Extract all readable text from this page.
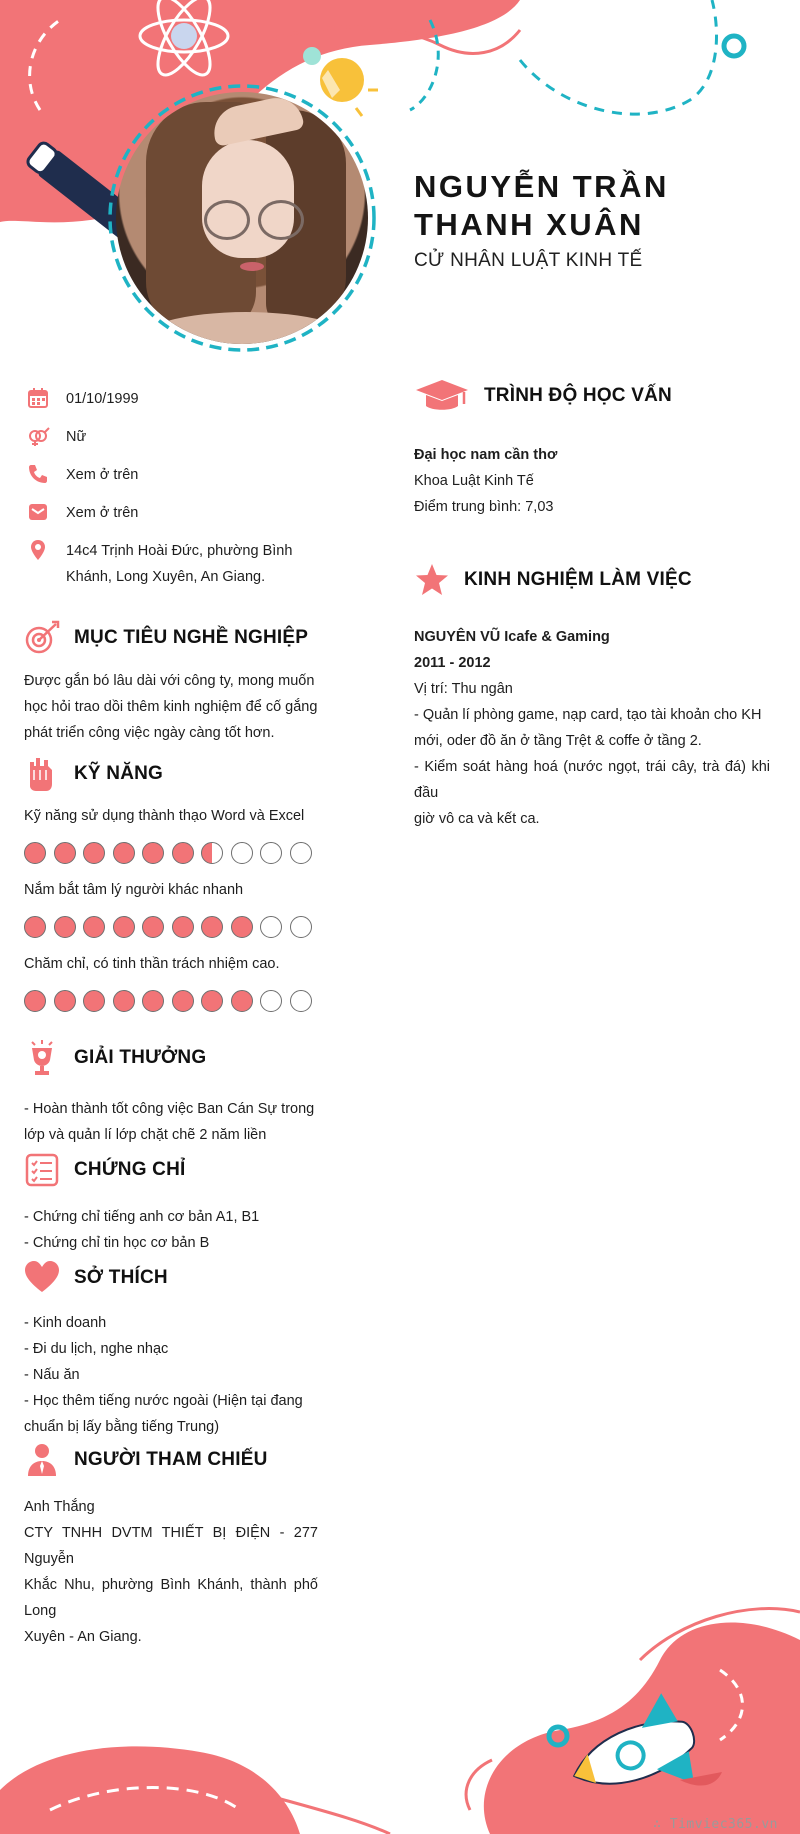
NGUYỄN TRẦN
THANH XUÂN
CỬ NHÂN LUẬT KINH TẾ
01/10/1999
Nữ
Xem ở trên
Xem ở trên
14c4 Trịnh Hoài Đức, phường Bình
Khánh, Long Xuyên, An Giang.
MỤC TIÊU NGHỀ NGHIỆP
Được gắn bó lâu dài với công ty, mong muốn
học hỏi trao dồi thêm kinh nghiệm để cố gắng
phát triển công việc ngày càng tốt hơn.
KỸ NĂNG
Kỹ năng sử dụng thành thạo Word và Excel
Nắm bắt tâm lý người khác nhanh
Chăm chỉ, có tinh thần trách nhiệm cao.
GIẢI THƯỞNG
- Hoàn thành tốt công việc Ban Cán Sự trong
lớp và quản lí lớp chặt chẽ 2 năm liền
CHỨNG CHỈ
- Chứng chỉ tiếng anh cơ bản A1, B1
- Chứng chỉ tin học cơ bản B
SỞ THÍCH
- Kinh doanh
- Đi du lịch, nghe nhạc
- Nấu ăn
- Học thêm tiếng nước ngoài (Hiện tại đang
chuẩn bị lấy bằng tiếng Trung)
NGƯỜI THAM CHIẾU
Anh Thắng
CTY TNHH DVTM THIẾT BỊ ĐIỆN - 277 Nguyễn
Khắc Nhu, phường Bình Khánh, thành phố Long
Xuyên - An Giang.
TRÌNH ĐỘ HỌC VẤN
Đại học nam cần thơ
Khoa Luật Kinh Tế
Điểm trung bình: 7,03
KINH NGHIỆM LÀM VIỆC
NGUYÊN VŨ Icafe & Gaming
2011 - 2012
Vị trí: Thu ngân
- Quản lí phòng game, nạp card, tạo tài khoản cho KH
mới, oder đồ ăn ở tầng Trệt & coffe ở tầng 2.
- Kiểm soát hàng hoá (nước ngọt, trái cây, trà đá) khi đầu
giờ vô ca và kết ca.
∴ Timviec365.vn
